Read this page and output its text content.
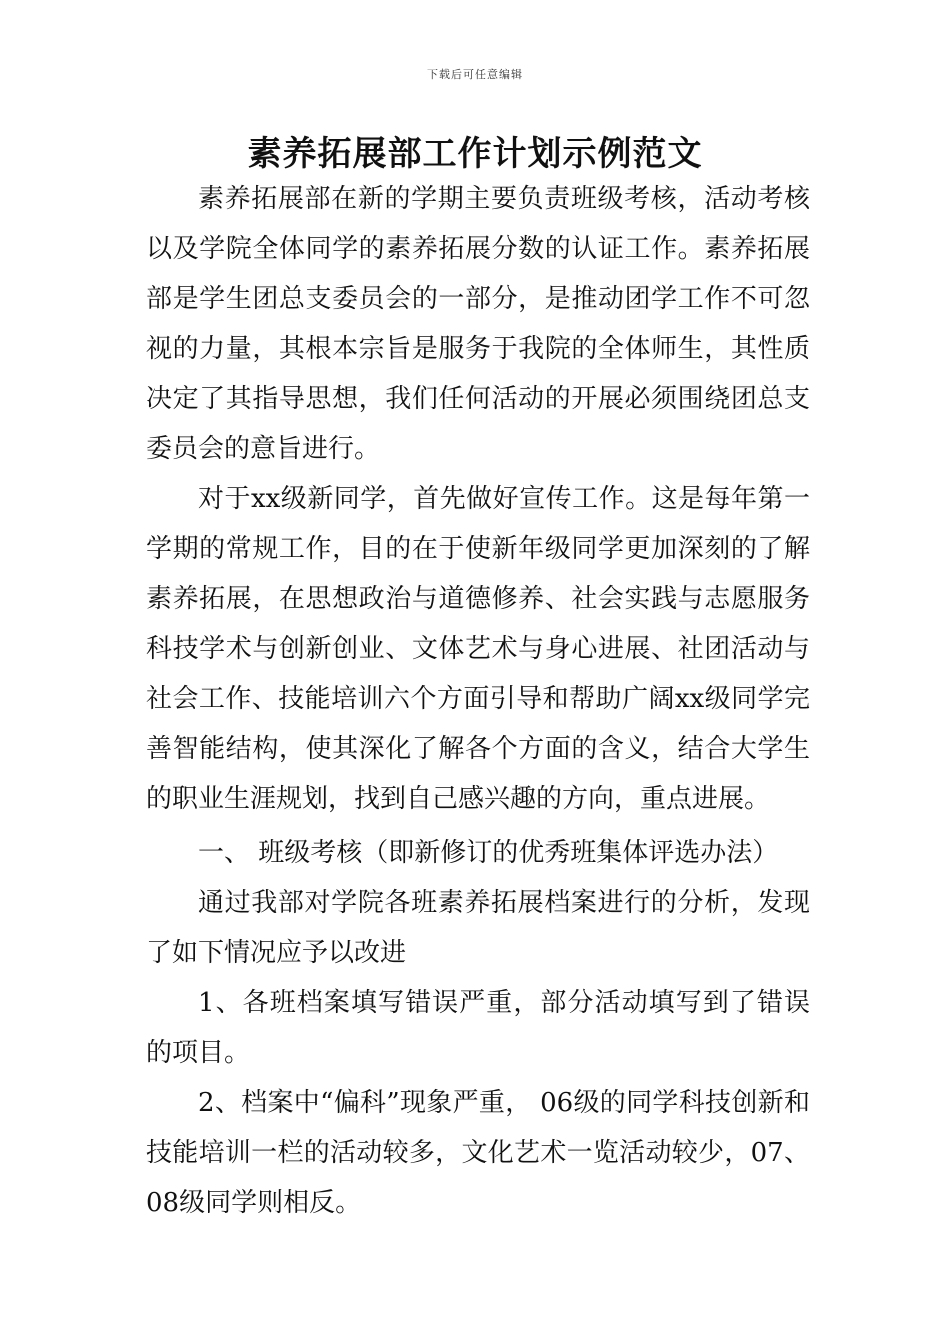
下载后可任意编辑
素养拓展部工作计划示例范文

素养拓展部在新的学期主要负责班级考核，活动考核以及学院全体同学的素养拓展分数的认证工作。素养拓展部是学生团总支委员会的一部分，是推动团学工作不可忽视的力量，其根本宗旨是服务于我院的全体师生，其性质决定了其指导思想，我们任何活动的开展必须围绕团总支委员会的意旨进行。

对于xx级新同学，首先做好宣传工作。这是每年第一学期的常规工作，目的在于使新年级同学更加深刻的了解素养拓展，在思想政治与道德修养、社会实践与志愿服务科技学术与创新创业、文体艺术与身心进展、社团活动与社会工作、技能培训六个方面引导和帮助广阔xx级同学完善智能结构，使其深化了解各个方面的含义，结合大学生的职业生涯规划，找到自己感兴趣的方向，重点进展。

一、 班级考核（即新修订的优秀班集体评选办法）

通过我部对学院各班素养拓展档案进行的分析，发现了如下情况应予以改进

1、各班档案填写错误严重，部分活动填写到了错误的项目。

2、档案中“偏科”现象严重， 06级的同学科技创新和技能培训一栏的活动较多，文化艺术一览活动较少，07、08级同学则相反。
